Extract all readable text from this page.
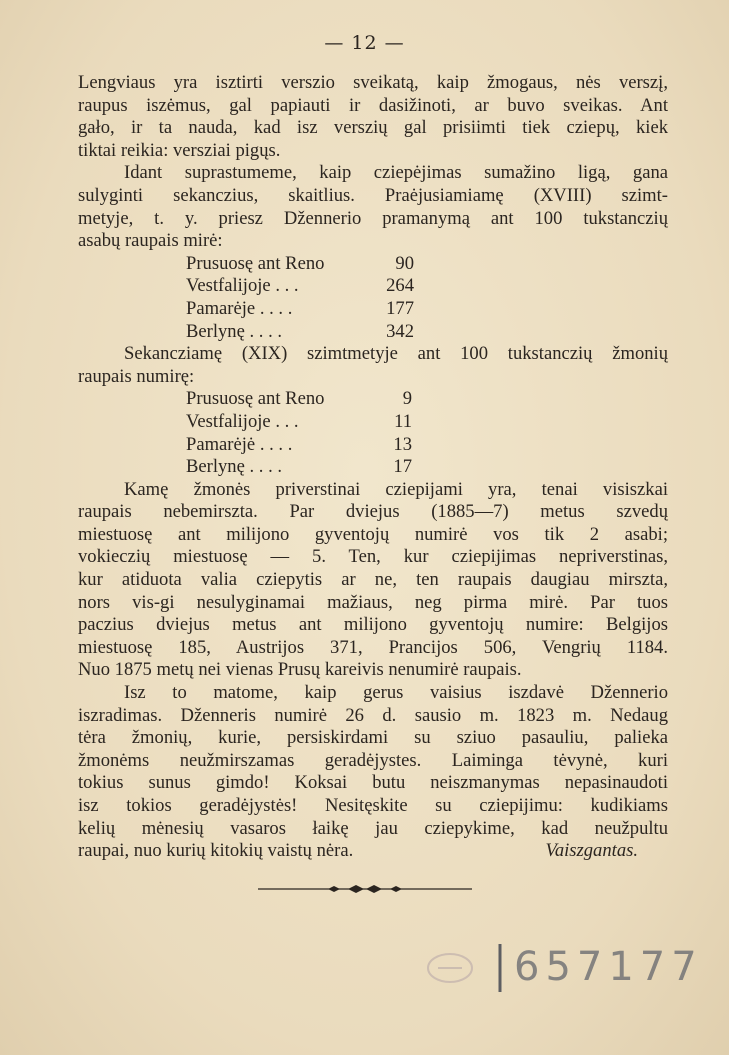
— 12 —
Lengviaus yra isztirti verszio sveikatą, kaip žmogaus, nės verszį,
raupus iszėmus, gal papiauti ir dasižinoti, ar buvo sveikas. Ant
gało, ir ta nauda, kad isz verszių gal prisiimti tiek cziepų, kiek
tiktai reikia: versziai pigųs.
Idant suprastumeme, kaip cziepėjimas sumažino ligą, gana
sulyginti sekanczius, skaitlius. Praėjusiamiamę (XVIII) szimt-
metyje, t. y. priesz Džennerio pramanymą ant 100 tukstanczių
asabų raupais mirė:
Prusuosę ant Reno	90
Vestfalijoje . . .	264
Pamarėje . . . .	177
Berlynę . . . .	342
Sekancziamę (XIX) szimtmetyje ant 100 tukstanczių žmonių
raupais numirę:
Prusuosę ant Reno	9
Vestfalijoje . . .	11
Pamarėjė . . . .	13
Berlynę . . . .	17
Kamę žmonės priverstinai cziepijami yra, tenai visiszkai
raupais nebemirszta. Par dviejus (1885—7) metus szvedų
miestuosę ant milijono gyventojų numirė vos tik 2 asabi;
vokieczių miestuosę — 5. Ten, kur cziepijimas nepriverstinas,
kur atiduota valia cziepytis ar ne, ten raupais daugiau mirszta,
nors vis-gi nesulyginamai mažiaus, neg pirma mirė. Par tuos
paczius dviejus metus ant milijono gyventojų numire: Belgijos
miestuosę 185, Austrijos 371, Prancijos 506, Vengrių 1184.
Nuo 1875 metų nei vienas Prusų kareivis nenumirė raupais.
Isz to matome, kaip gerus vaisius iszdavė Džennerio
iszradimas. Dženneris numirė 26 d. sausio m. 1823 m. Nedaug
tėra žmonių, kurie, persiskirdami su sziuo pasauliu, palieka
žmonėms neužmirszamas geradėjystes. Laiminga tėvynė, kuri
tokius sunus gimdo! Koksai butu neiszmanymas nepasinaudoti
isz tokios geradėjystės! Nesitęskite su cziepijimu: kudikiams
kelių mėnesių vasaros łaikę jau cziepykime, kad neužpultu
raupai, nuo kurių kitokių vaistų nėra.	Vaiszgantas.
657177
